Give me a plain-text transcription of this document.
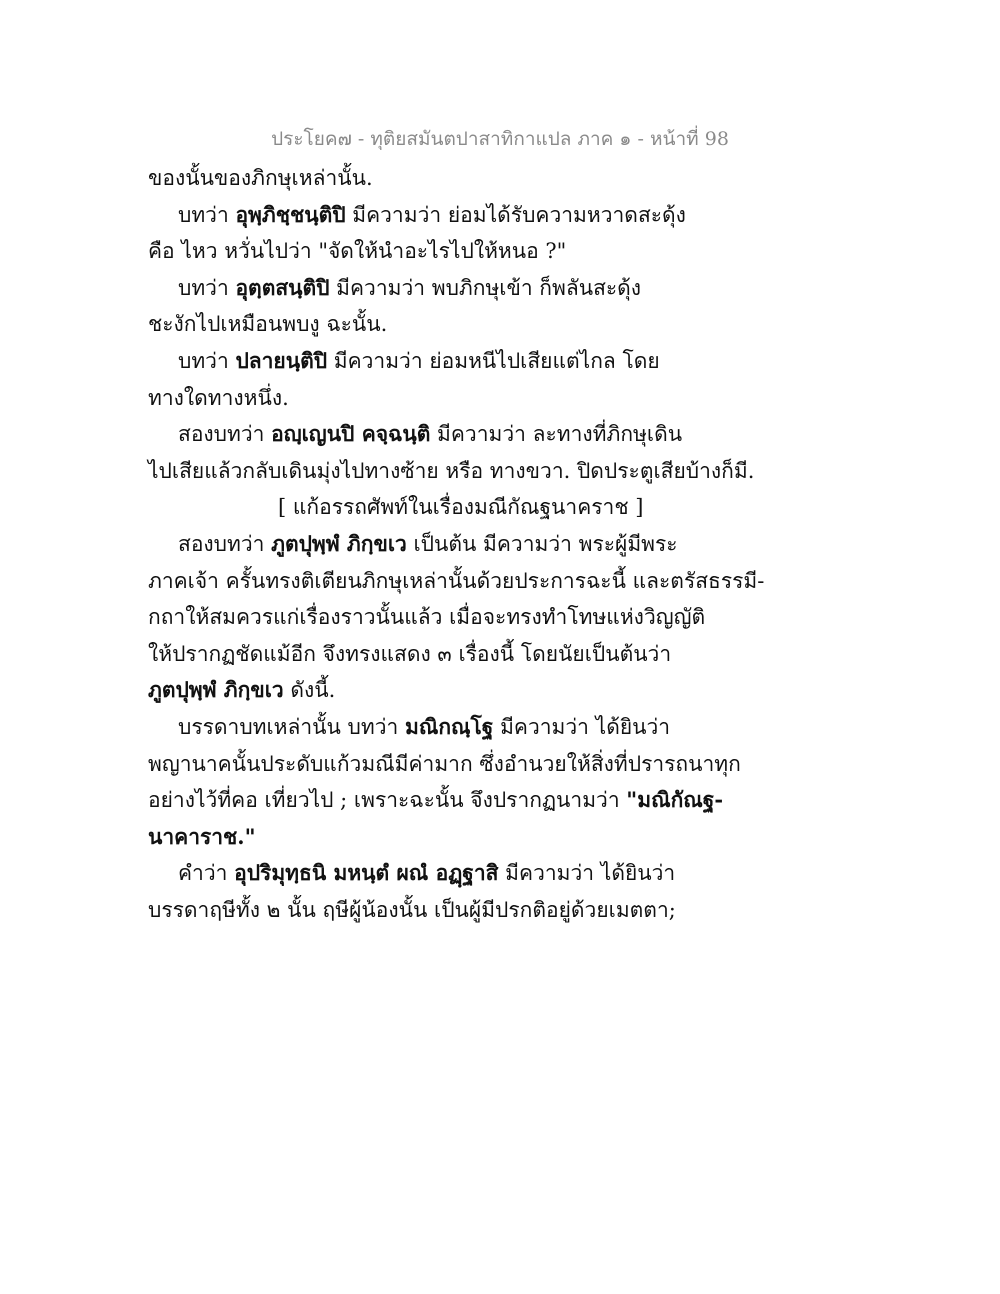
ประโยค๗ - ทุติยสมันตปาสาทิกาแปล ภาค ๑ - หน้าที่ 98
ของนั้นของภิกษุเหล่านั้น.
บทว่า อุพฺภิชฺชนฺติปิ มีความว่า ย่อมได้รับความหวาดสะดุ้ง
คือ ไหว หวั่นไปว่า "จัดให้นำอะไรไปให้หนอ ?"
บทว่า อุตฺตสนฺติปิ มีความว่า พบภิกษุเข้า ก็พลันสะดุ้ง
ชะงักไปเหมือนพบงู ฉะนั้น.
บทว่า ปลายนฺติปิ มีความว่า ย่อมหนีไปเสียแต่ไกล โดย
ทางใดทางหนึ่ง.
สองบทว่า อญฺเญนปิ คจฺฉนฺติ มีความว่า ละทางที่ภิกษุเดิน
ไปเสียแล้วกลับเดินมุ่งไปทางซ้าย หรือ ทางขวา. ปิดประตูเสียบ้างก็มี.
[ แก้อรรถศัพท์ในเรื่องมณีกัณฐนาคราช ]
สองบทว่า ภูตปุพฺพํ ภิกฺขเว เป็นต้น มีความว่า พระผู้มีพระ
ภาคเจ้า ครั้นทรงติเตียนภิกษุเหล่านั้นด้วยประการฉะนี้ และตรัสธรรมี-
กถาให้สมควรแก่เรื่องราวนั้นแล้ว เมื่อจะทรงทำโทษแห่งวิญญัติ
ให้ปรากฏชัดแม้อีก จึงทรงแสดง ๓ เรื่องนี้ โดยนัยเป็นต้นว่า
ภูตปุพฺพํ ภิกฺขเว ดังนี้.
บรรดาบทเหล่านั้น บทว่า มณิกณฺโฐ มีความว่า ได้ยินว่า
พญานาคนั้นประดับแก้วมณีมีค่ามาก ซึ่งอำนวยให้สิ่งที่ปรารถนาทุก
อย่างไว้ที่คอ เที่ยวไป ; เพราะฉะนั้น จึงปรากฏนามว่า "มณิกัณฐ-
นาคาราช."
คำว่า อุปริมุทฺธนิ มหนฺตํ ผณํ อฏฺฐาสิ มีความว่า ได้ยินว่า
บรรดาฤษีทั้ง ๒ นั้น ฤษีผู้น้องนั้น เป็นผู้มีปรกติอยู่ด้วยเมตตา;
